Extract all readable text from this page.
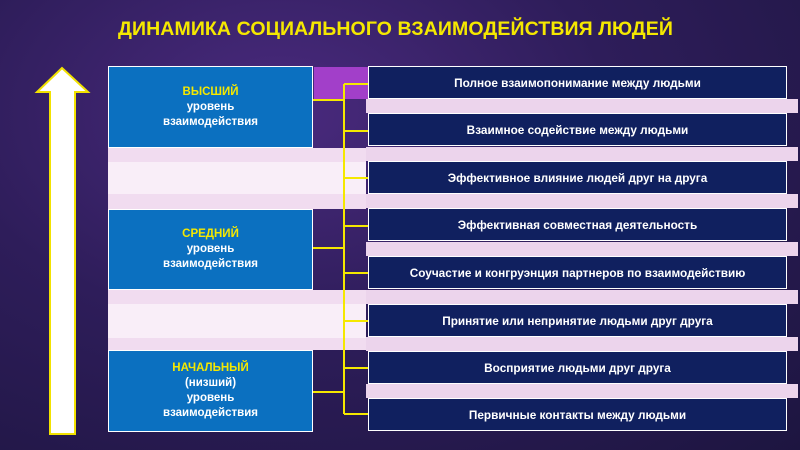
ДИНАМИКА СОЦИАЛЬНОГО ВЗАИМОДЕЙСТВИЯ ЛЮДЕЙ
ВЫСШИЙ
уровень
взаимодействия
СРЕДНИЙ
уровень
взаимодействия
НАЧАЛЬНЫЙ
(низший)
уровень
взаимодействия
Полное взаимопонимание между людьми
Взаимное содействие между людьми
Эффективное влияние людей друг на друга
Эффективная совместная деятельность
Соучастие и конгруэнция партнеров по взаимодействию
Принятие или непринятие людьми друг друга
Восприятие людьми друг друга
Первичные контакты между людьми
